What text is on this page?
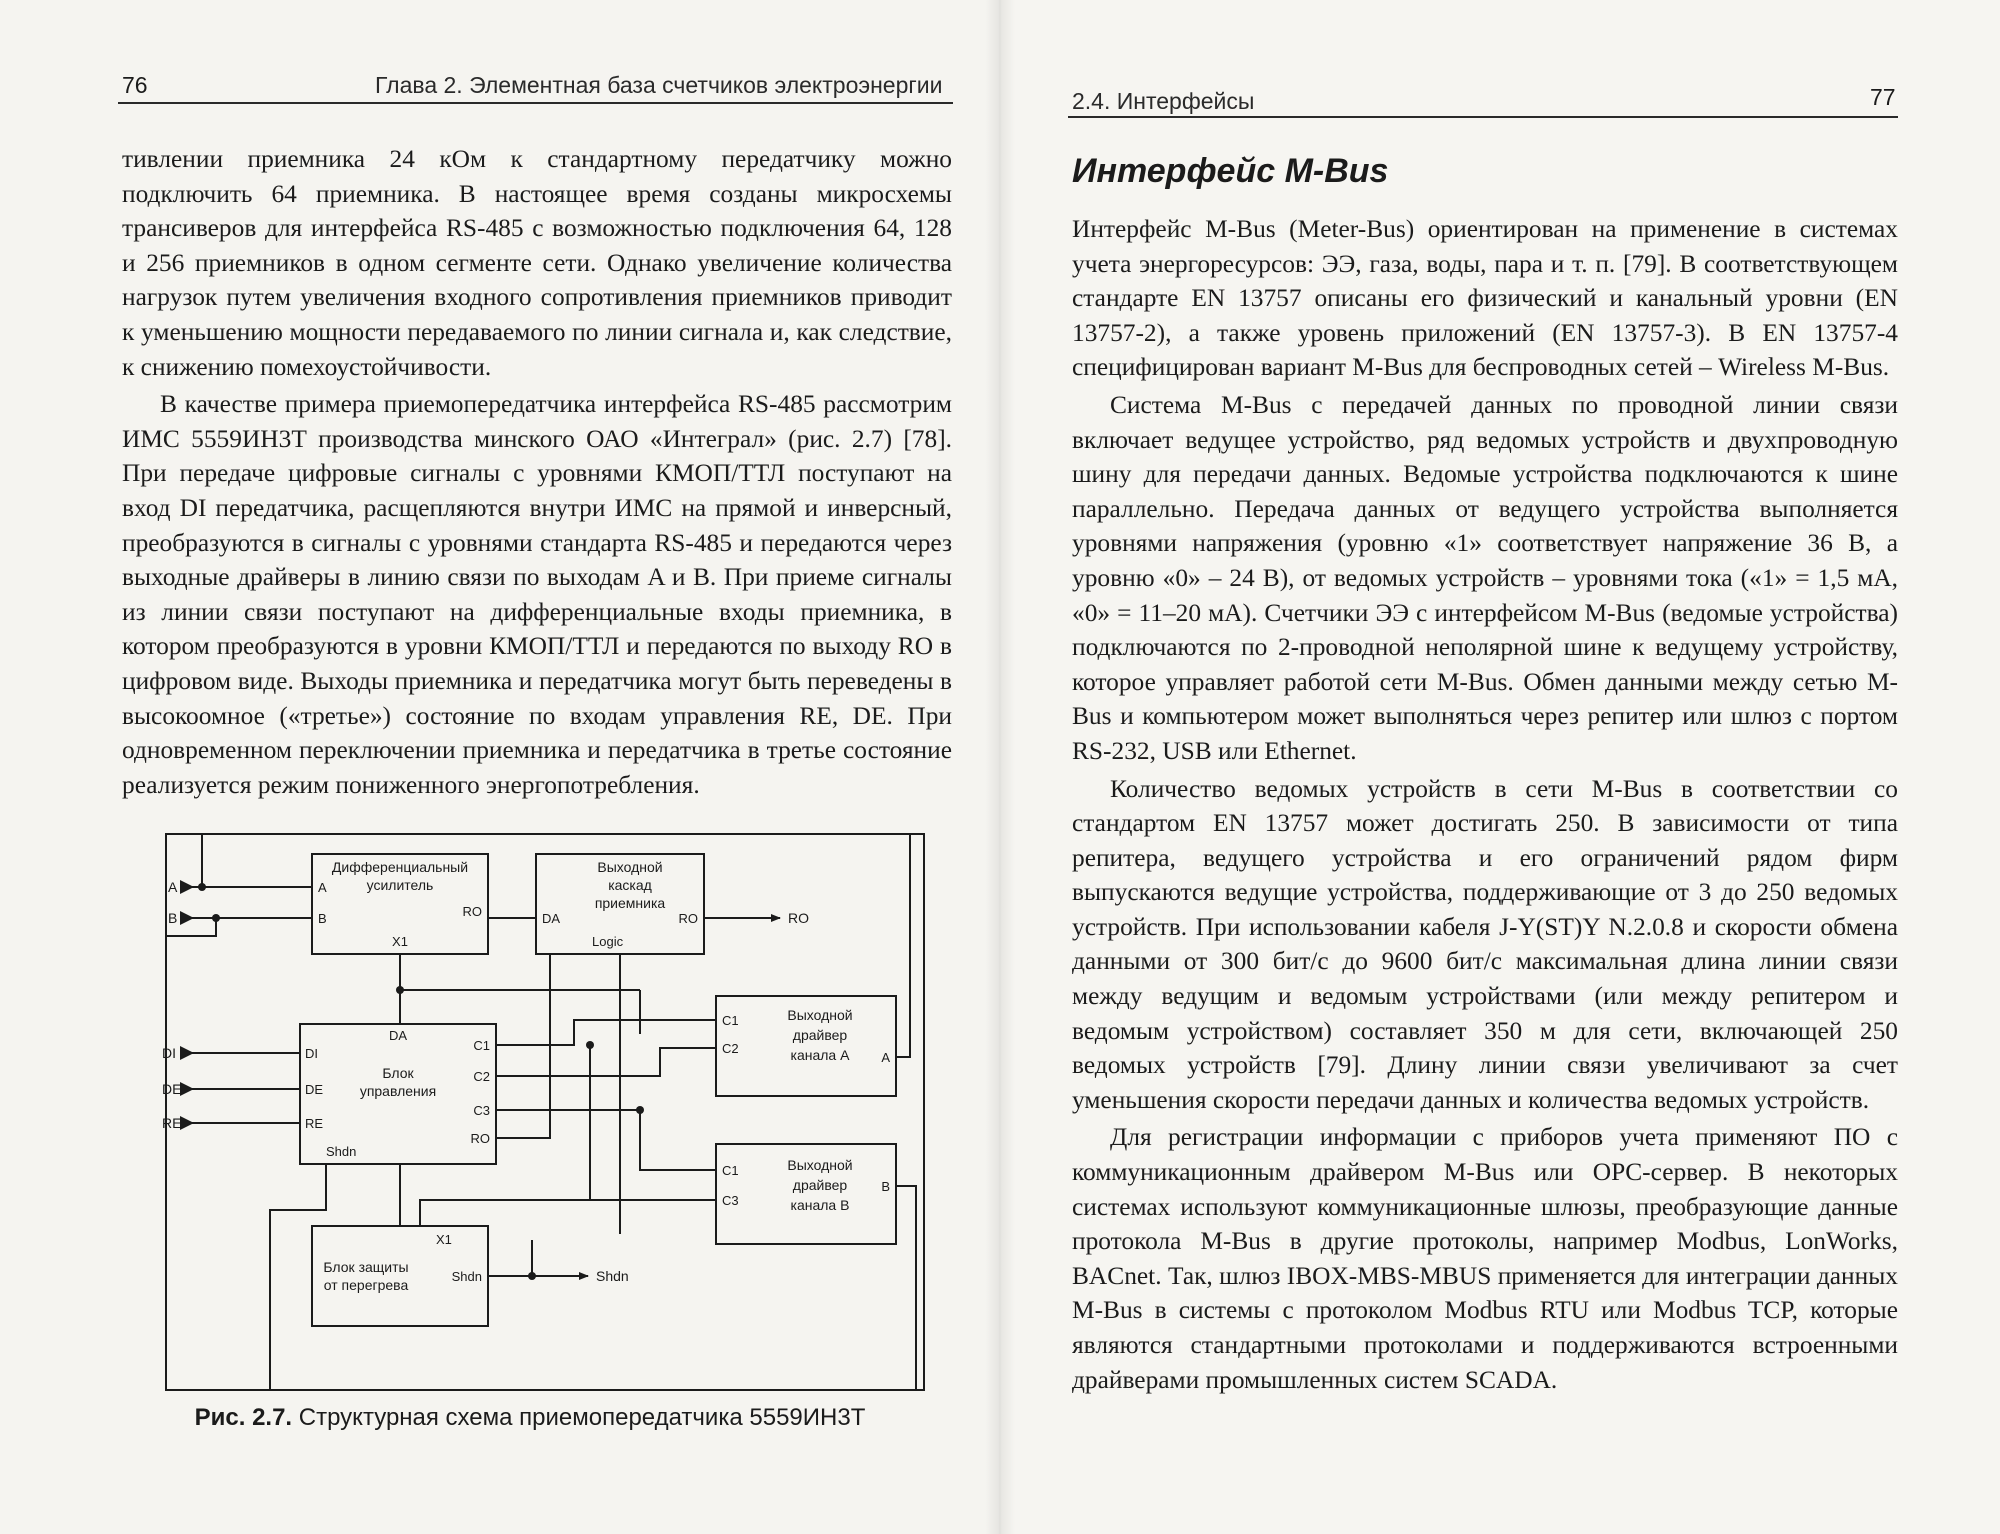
76	Глава 2. Элементная база счетчиков электроэнергии

тивлении приемника 24 кОм к стандартному передатчику можно подключить 64 приемника. В настоящее время созданы микросхемы трансиверов для интерфейса RS-485 с возможностью подключения 64, 128 и 256 приемников в одном сегменте сети. Однако увеличение количества нагрузок путем увеличения входного сопротивления приемников приводит к уменьшению мощности передаваемого по линии сигнала и, как следствие, к снижению помехоустойчивости.

В качестве примера приемопередатчика интерфейса RS-485 рассмотрим ИМС 5559ИН3Т производства минского ОАО «Интеграл» (рис. 2.7) [78]. При передаче цифровые сигналы с уровнями КМОП/ТТЛ поступают на вход DI передатчика, расщепляются внутри ИМС на прямой и инверсный, преобразуются в сигналы с уровнями стандарта RS-485 и передаются через выходные драйверы в линию связи по выходам A и B. При приеме сигналы из линии связи поступают на дифференциальные входы приемника, в котором преобразуются в уровни КМОП/ТТЛ и передаются по выходу RO в цифровом виде. Выходы приемника и передатчика могут быть переведены в высокоомное («третье») состояние по входам управления RE, DE. При одновременном переключении приемника и передатчика в третье состояние реализуется режим пониженного энергопотребления.

A
B
DI
DE
RE
RO
Shdn
Дифференциальный
усилитель
A
B	RO
X1
Выходной
каскад
приемника
DA	RO
Logic
Выходной
драйвер
канала A
C1
C2
A
DA
Блок
управления
DI
DE
RE
Shdn
C1
C2
C3
RO
Выходной
драйвер
канала B
C1
C3
B
X1
Блок защиты
от перегрева
Shdn
Рис. 2.7. Структурная схема приемопередатчика 5559ИН3Т
2.4. Интерфейсы	77
Интерфейс M-Bus

Интерфейс M-Bus (Meter-Bus) ориентирован на применение в системах учета энергоресурсов: ЭЭ, газа, воды, пара и т. п. [79]. В соответствующем стандарте EN 13757 описаны его физический и канальный уровни (EN 13757-2), а также уровень приложений (EN 13757-3). В EN 13757-4 специфицирован вариант M-Bus для беспроводных сетей – Wireless M-Bus.

Система M-Bus с передачей данных по проводной линии связи включает ведущее устройство, ряд ведомых устройств и двухпроводную шину для передачи данных. Ведомые устройства подключаются к шине параллельно. Передача данных от ведущего устройства выполняется уровнями напряжения (уровню «1» соответствует напряжение 36 В, а уровню «0» – 24 В), от ведомых устройств – уровнями тока («1» = 1,5 мА, «0» = 11–20 мА). Счетчики ЭЭ с интерфейсом M-Bus (ведомые устройства) подключаются по 2-проводной неполярной шине к ведущему устройству, которое управляет работой сети M-Bus. Обмен данными между сетью M-Bus и компьютером может выполняться через репитер или шлюз с портом RS-232, USB или Ethernet.

Количество ведомых устройств в сети M-Bus в соответствии со стандартом EN 13757 может достигать 250. В зависимости от типа репитера, ведущего устройства и его ограничений рядом фирм выпускаются ведущие устройства, поддерживающие от 3 до 250 ведомых устройств. При использовании кабеля J-Y(ST)Y N.2.0.8 и скорости обмена данными от 300 бит/с до 9600 бит/с максимальная длина линии связи между ведущим и ведомым устройствами (или между репитером и ведомым устройством) составляет 350 м для сети, включающей 250 ведомых устройств [79]. Длину линии связи увеличивают за счет уменьшения скорости передачи данных и количества ведомых устройств.

Для регистрации информации с приборов учета применяют ПО с коммуникационным драйвером M-Bus или OPC-сервер. В некоторых системах используют коммуникационные шлюзы, преобразующие данные протокола M-Bus в другие протоколы, например Modbus, LonWorks, BACnet. Так, шлюз IBOX-MBS-MBUS применяется для интеграции данных M-Bus в системы с протоколом Modbus RTU или Modbus TCP, которые являются стандартными протоколами и поддерживаются встроенными драйверами промышленных систем SCADA.
